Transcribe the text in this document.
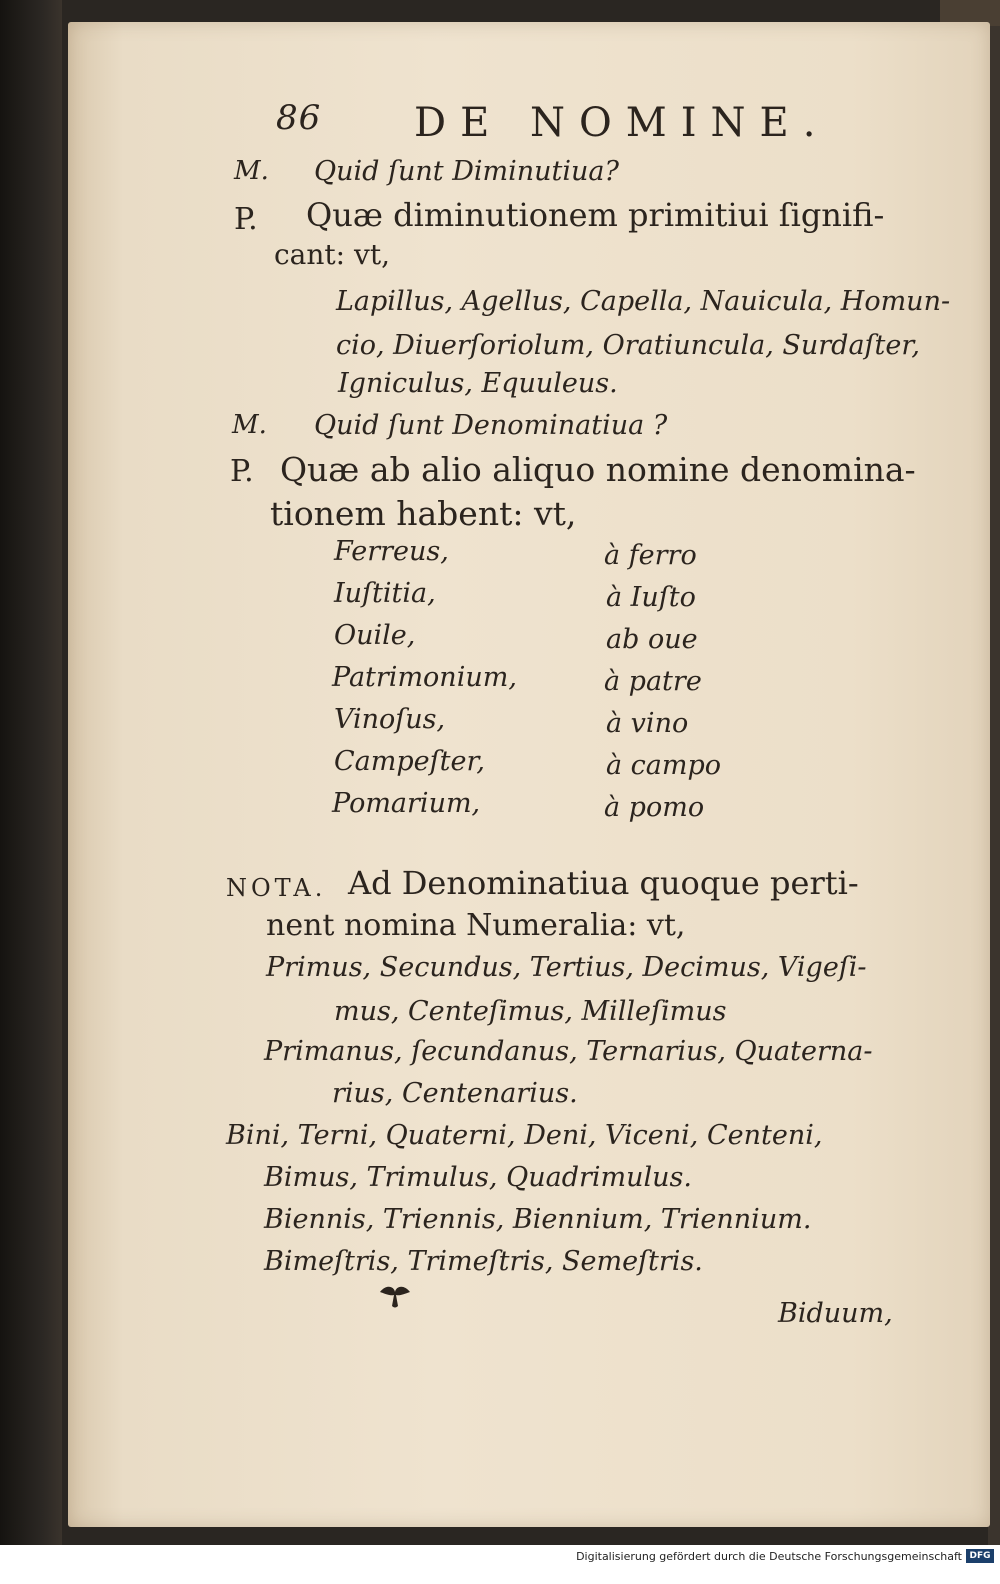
86 DE NOMINE.
M. Quid ſunt Diminutiua?
P. Quæ diminutionem primitiui ſignifi-
cant: vt,
Lapillus, Agellus, Capella, Nauicula, Homun-
cio, Diuerſoriolum, Oratiuncula, Surdaſter,
Igniculus, Equuleus.
M. Quid ſunt Denominatiua ?
P. Quæ ab alio aliquo nomine denomina-
tionem habent: vt,
Ferreus,	à ferro
Iuſtitia,	à Iuſto
Ouile,	ab oue
Patrimonium,	à patre
Vinoſus,	à vino
Campeſter,	à campo
Pomarium,	à pomo
NOTA. Ad Denominatiua quoque perti-
nent nomina Numeralia: vt,
Primus, Secundus, Tertius, Decimus, Vigeſi-
mus, Centeſimus, Milleſimus
Primanus, ſecundanus, Ternarius, Quaterna-
rius, Centenarius.
Bini, Terni, Quaterni, Deni, Viceni, Centeni,
Bimus, Trimulus, Quadrimulus.
Biennis, Triennis, Biennium, Triennium.
Bimeſtris, Trimeſtris, Semeſtris.
Biduum,
Digitalisierung gefördert durch die Deutsche Forschungsgemeinschaft DFG
